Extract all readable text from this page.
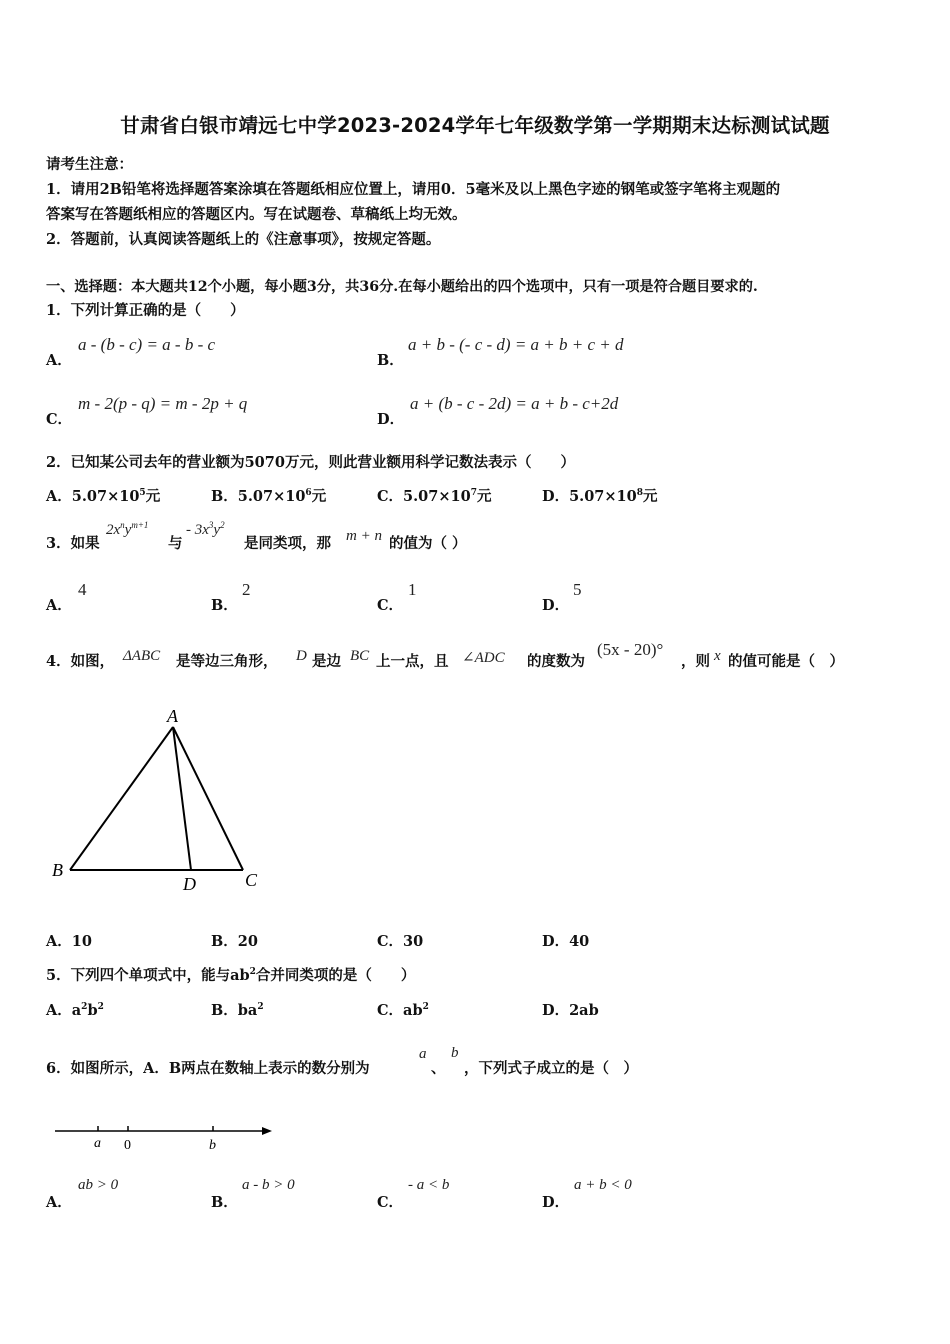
甘肃省白银市靖远七中学2023-2024学年七年级数学第一学期期末达标测试试题
请考生注意：
1．请用2B铅笔将选择题答案涂填在答题纸相应位置上，请用0．5毫米及以上黑色字迹的钢笔或签字笔将主观题的
答案写在答题纸相应的答题区内。写在试题卷、草稿纸上均无效。
2．答题前，认真阅读答题纸上的《注意事项》，按规定答题。
一、选择题：本大题共12个小题，每小题3分，共36分.在每小题给出的四个选项中，只有一项是符合题目要求的.
1．下列计算正确的是（　　）
A．
a - (b - c) = a - b - c
B．
a + b - (- c - d) = a + b + c + d
C．
m - 2(p - q) = m - 2p + q
D．
a + (b - c - 2d) = a + b - c+2d
2．已知某公司去年的营业额为5070万元，则此营业额用科学记数法表示（　　）
A．$5.07\times 10^5$元	B．$5.07\times 10^6$元	C．$5.07\times 10^7$元	D．$5.07\times 10^8$元
3．如果
$2x^ny^{m+1}$
与
- $3x^3y^2$
是同类项，那 m + n 的值为（ ）
A．
4
B．
2
C．
1
D．
5
4．如图， ΔABC 是等边三角形， D 是边 BC 上一点，且 ∠ADC 的度数为
(5x - 20)°
，则 x 的值可能是（　）
A
B	C
D
A．10	B．20	C．30	D．40
5．下列四个单项式中，能与$ab^2$合并同类项的是（　　）
A．$a^2b^2$	B．$ba^2$	C．$ab^2$	D．2ab
6．如图所示，A．B两点在数轴上表示的数分别为
a
、
b
，下列式子成立的是（　）
a 0	b
A．
ab > 0
B．
a - b > 0
C．
- a < b
D．
a + b < 0
